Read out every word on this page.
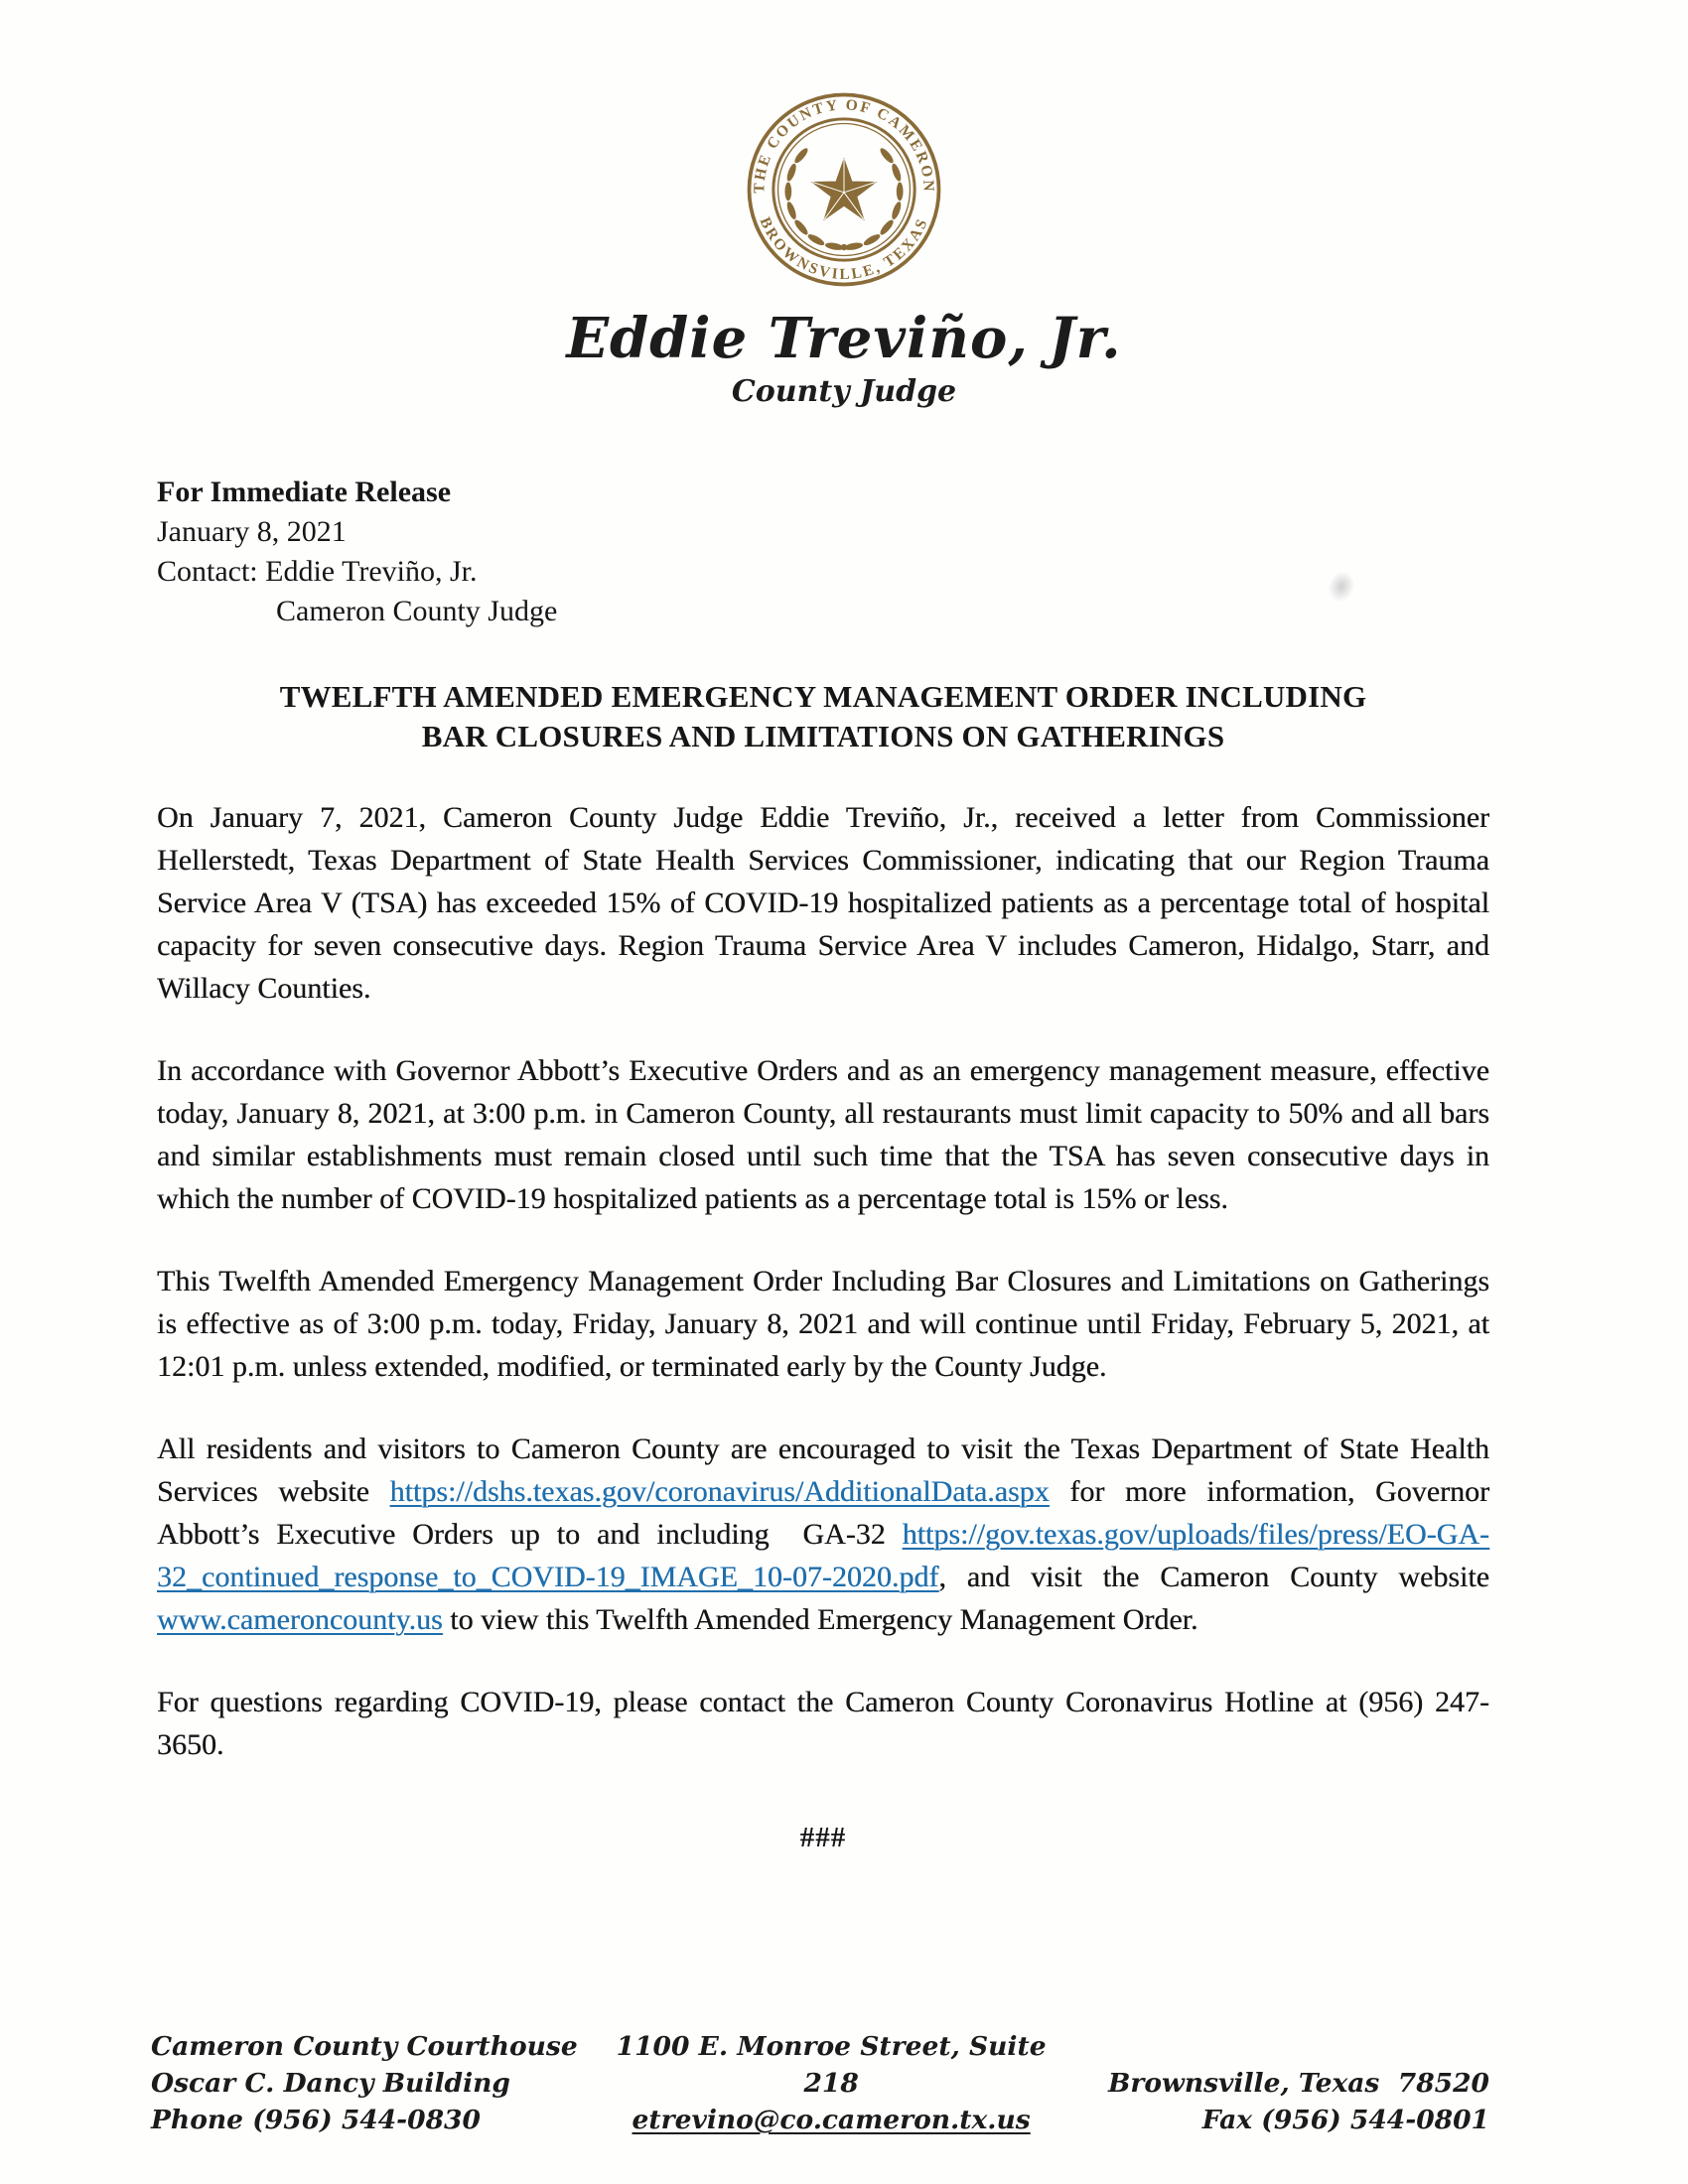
THE COUNTY OF CAMERON
BROWNSVILLE, TEXAS
Eddie Treviño, Jr.
County Judge
For Immediate Release
January 8, 2021
Contact: Eddie Treviño, Jr.
Cameron County Judge
TWELFTH AMENDED EMERGENCY MANAGEMENT ORDER INCLUDING
BAR CLOSURES AND LIMITATIONS ON GATHERINGS

On January 7, 2021, Cameron County Judge Eddie Treviño, Jr., received a letter from Commissioner Hellerstedt, Texas Department of State Health Services Commissioner, indicating that our Region Trauma Service Area V (TSA) has exceeded 15% of COVID-19 hospitalized patients as a percentage total of hospital capacity for seven consecutive days. Region Trauma Service Area V includes Cameron, Hidalgo, Starr, and Willacy Counties.

In accordance with Governor Abbott’s Executive Orders and as an emergency management measure, effective today, January 8, 2021, at 3:00 p.m. in Cameron County, all restaurants must limit capacity to 50% and all bars and similar establishments must remain closed until such time that the TSA has seven consecutive days in which the number of COVID-19 hospitalized patients as a percentage total is 15% or less.

This Twelfth Amended Emergency Management Order Including Bar Closures and Limitations on Gatherings is effective as of 3:00 p.m. today, Friday, January 8, 2021 and will continue until Friday, February 5, 2021, at 12:01 p.m. unless extended, modified, or terminated early by the County Judge.

All residents and visitors to Cameron County are encouraged to visit the Texas Department of State Health Services website https://dshs.texas.gov/coronavirus/AdditionalData.aspx for more information, Governor Abbott’s Executive Orders up to and including  GA-32 https://gov.texas.​gov/uploads/files/press/EO-GA-32_continued_response_to_COVID-19_IMAGE_10-07-2020.pdf, and visit the Cameron County website www.cameroncounty.us to view this Twelfth Amended Emergency Management Order.

For questions regarding COVID-19, please contact the Cameron County Coronavirus Hotline at (956) 247- 3650.

###
Cameron County Courthouse
Oscar C. Dancy Building
Phone (956) 544-0830
1100 E. Monroe Street, Suite 218
etrevino@co.cameron.tx.us
Brownsville, Texas  78520
Fax (956) 544-0801
